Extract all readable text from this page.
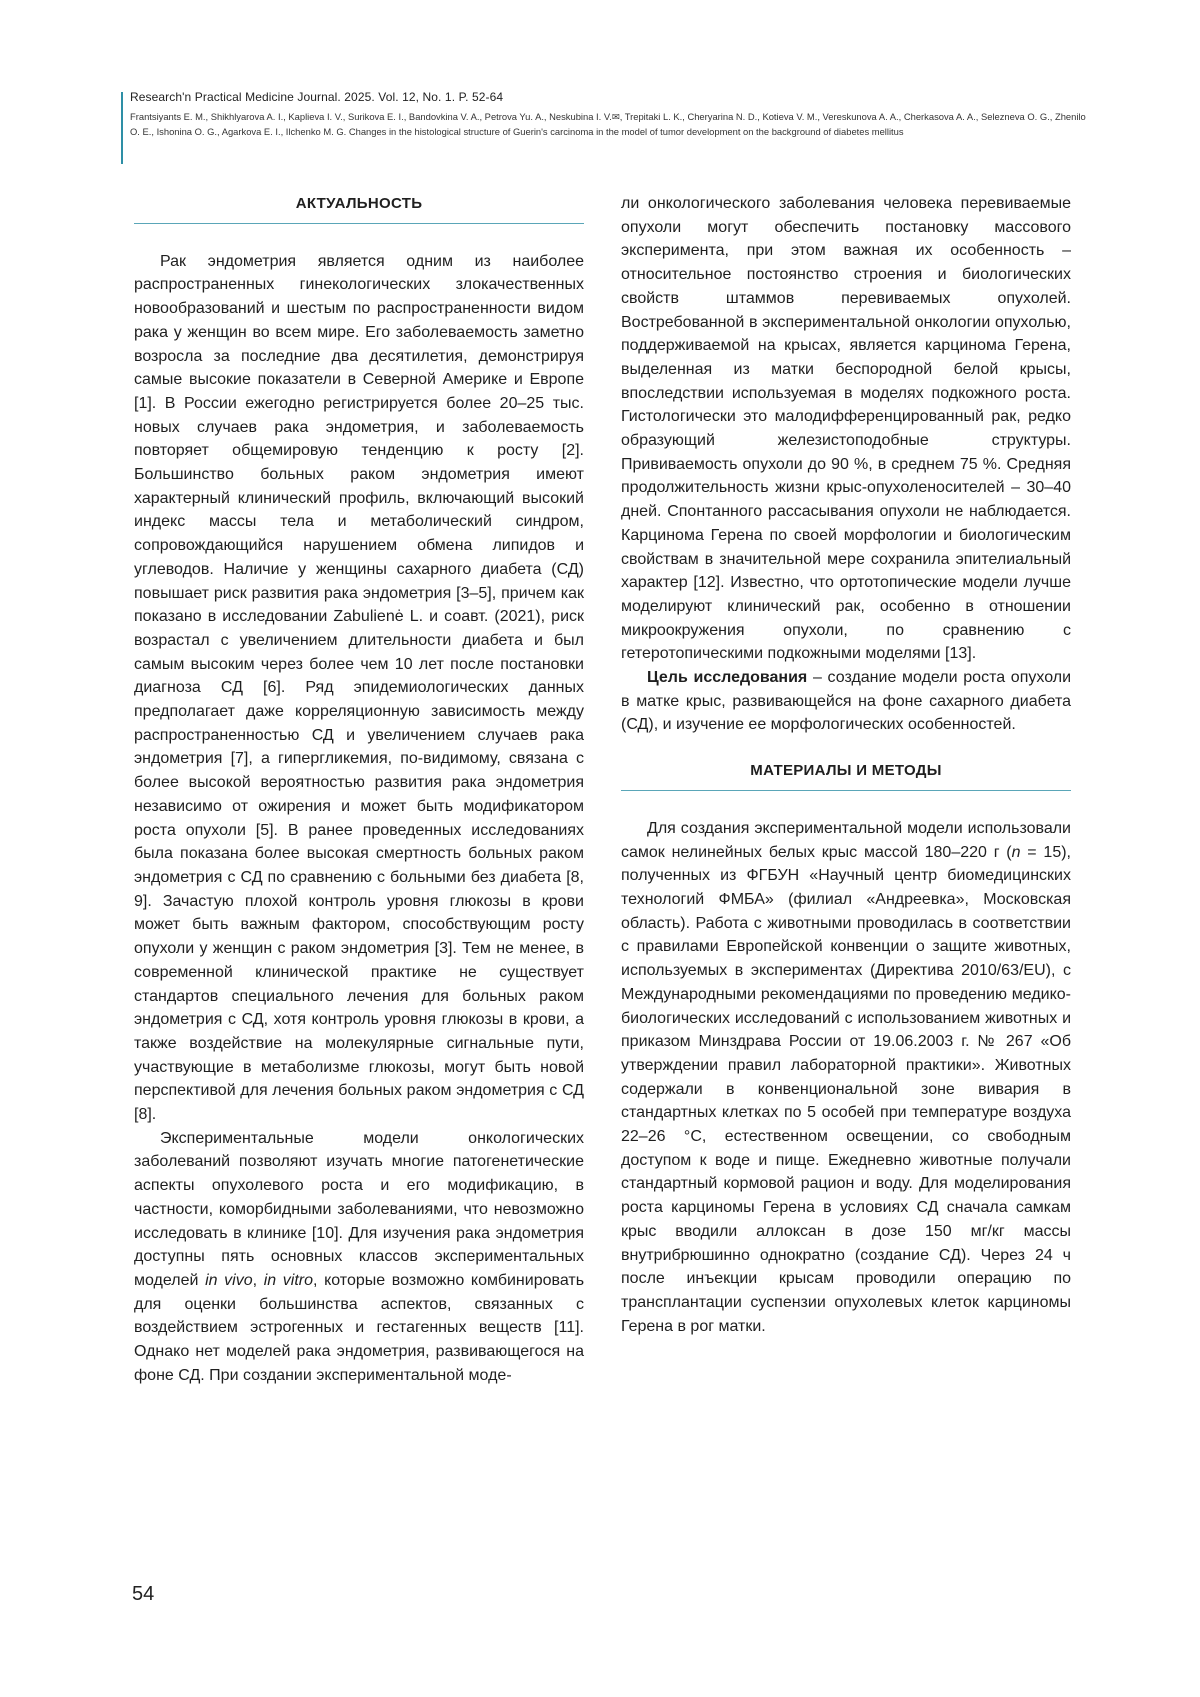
Research'n Practical Medicine Journal. 2025. Vol. 12, No. 1. P. 52-64
Frantsiyants E. M., Shikhlyarova A. I., Kaplieva I. V., Surikova E. I., Bandovkina V. A., Petrova Yu. A., Neskubina I. V.✉, Trepitaki L. K., Cheryarina N. D., Kotieva V. M., Vereskunova A. A., Cherkasova A. A., Selezneva O. G., Zhenilo O. E., Ishonina O. G., Agarkova E. I., Ilchenko M. G. Changes in the histological structure of Guerin's carcinoma in the model of tumor development on the background of diabetes mellitus
АКТУАЛЬНОСТЬ

Рак эндометрия является одним из наиболее распространенных гинекологических злокачественных новообразований и шестым по распространенности видом рака у женщин во всем мире. Его заболеваемость заметно возросла за последние два десятилетия, демонстрируя самые высокие показатели в Северной Америке и Европе [1]. В России ежегодно регистрируется более 20–25 тыс. новых случаев рака эндометрия, и заболеваемость повторяет общемировую тенденцию к росту [2]. Большинство больных раком эндометрия имеют характерный клинический профиль, включающий высокий индекс массы тела и метаболический синдром, сопровождающийся нарушением обмена липидов и углеводов. Наличие у женщины сахарного диабета (СД) повышает риск развития рака эндометрия [3–5], причем как показано в исследовании Zabulienė L. и соавт. (2021), риск возрастал с увеличением длительности диабета и был самым высоким через более чем 10 лет после постановки диагноза СД [6]. Ряд эпидемиологических данных предполагает даже корреляционную зависимость между распространенностью СД и увеличением случаев рака эндометрия [7], а гипергликемия, по-видимому, связана с более высокой вероятностью развития рака эндометрия независимо от ожирения и может быть модификатором роста опухоли [5]. В ранее проведенных исследованиях была показана более высокая смертность больных раком эндометрия с СД по сравнению с больными без диабета [8, 9]. Зачастую плохой контроль уровня глюкозы в крови может быть важным фактором, способствующим росту опухоли у женщин с раком эндометрия [3]. Тем не менее, в современной клинической практике не существует стандартов специального лечения для больных раком эндометрия с СД, хотя контроль уровня глюкозы в крови, а также воздействие на молекулярные сигнальные пути, участвующие в метаболизме глюкозы, могут быть новой перспективой для лечения больных раком эндометрия с СД [8].

Экспериментальные модели онкологических заболеваний позволяют изучать многие патогенетические аспекты опухолевого роста и его модификацию, в частности, коморбидными заболеваниями, что невозможно исследовать в клинике [10]. Для изучения рака эндометрия доступны пять основных классов экспериментальных моделей in vivo, in vitro, которые возможно комбинировать для оценки большинства аспектов, связанных с воздействием эстрогенных и гестагенных веществ [11]. Однако нет моделей рака эндометрия, развивающегося на фоне СД. При создании экспериментальной моде-

ли онкологического заболевания человека перевиваемые опухоли могут обеспечить постановку массового эксперимента, при этом важная их особенность – относительное постоянство строения и биологических свойств штаммов перевиваемых опухолей. Востребованной в экспериментальной онкологии опухолью, поддерживаемой на крысах, является карцинома Герена, выделенная из матки беспородной белой крысы, впоследствии используемая в моделях подкожного роста. Гистологически это малодифференцированный рак, редко образующий железистоподобные структуры. Прививаемость опухоли до 90 %, в среднем 75 %. Средняя продолжительность жизни крыс-опухоленосителей – 30–40 дней. Спонтанного рассасывания опухоли не наблюдается. Карцинома Герена по своей морфологии и биологическим свойствам в значительной мере сохранила эпителиальный характер [12]. Известно, что ортотопические модели лучше моделируют клинический рак, особенно в отношении микроокружения опухоли, по сравнению с гетеротопическими подкожными моделями [13].

Цель исследования – создание модели роста опухоли в матке крыс, развивающейся на фоне сахарного диабета (СД), и изучение ее морфологических особенностей.

МАТЕРИАЛЫ И МЕТОДЫ

Для создания экспериментальной модели использовали самок нелинейных белых крыс массой 180–220 г (n = 15), полученных из ФГБУН «Научный центр биомедицинских технологий ФМБА» (филиал «Андреевка», Московская область). Работа с животными проводилась в соответствии с правилами Европейской конвенции о защите животных, используемых в экспериментах (Директива 2010/63/EU), с Международными рекомендациями по проведению медико-биологических исследований с использованием животных и приказом Минздрава России от 19.06.2003 г. № 267 «Об утверждении правил лабораторной практики». Животных содержали в конвенциональной зоне вивария в стандартных клетках по 5 особей при температуре воздуха 22–26 °С, естественном освещении, со свободным доступом к воде и пище. Ежедневно животные получали стандартный кормовой рацион и воду. Для моделирования роста карциномы Герена в условиях СД сначала самкам крыс вводили аллоксан в дозе 150 мг/кг массы внутрибрюшинно однократно (создание СД). Через 24 ч после инъекции крысам проводили операцию по трансплантации суспензии опухолевых клеток карциномы Герена в рог матки.

54
